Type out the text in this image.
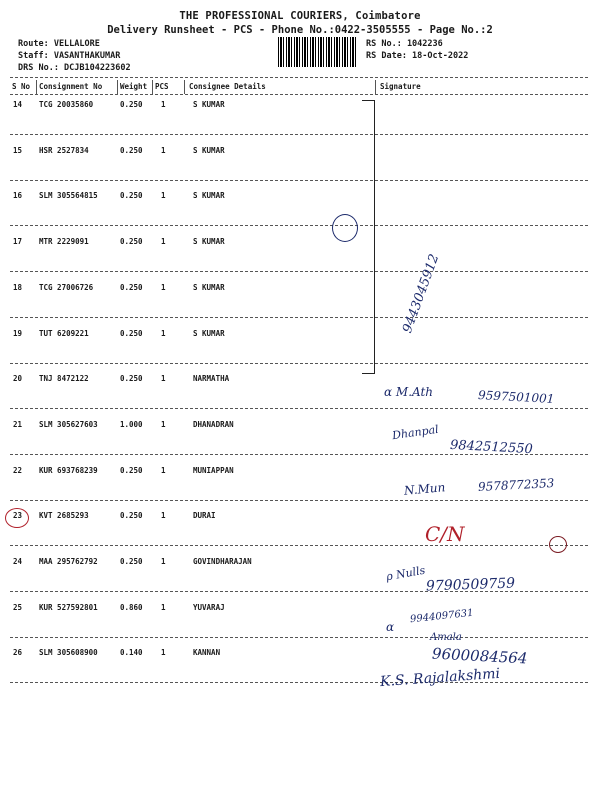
THE PROFESSIONAL COURIERS, Coimbatore
Delivery Runsheet - PCS - Phone No.:0422-3505555 - Page No.:2
Route: VELLALORE
Staff: VASANTHAKUMAR
DRS No.: DCJB104223602
RS No.: 1042236
RS Date: 18-Oct-2022
S No Consignment No Weight PCS	Consignee Details	Signature
14 TCG 20035860	0.250 1	S KUMAR
15 HSR 2527834	0.250 1	S KUMAR
16 SLM 305564815	0.250 1	S KUMAR
17 MTR 2229091	0.250 1	S KUMAR
18 TCG 27006726	0.250 1	S KUMAR
19 TUT 6209221	0.250 1	S KUMAR
20 TNJ 8472122	0.250 1	NARMATHA
21 SLM 305627603	1.000 1	DHANADRAN
22 KUR 693768239	0.250 1	MUNIAPPAN
23 KVT 2685293	0.250 1	DURAI
24 MAA 295762792	0.250 1	GOVINDHARAJAN
25 KUR 527592801	0.860 1	YUVARAJ
26 SLM 305608900	0.140 1	KANNAN
9443045912
α M.Ath	9597501001
Dhanpal
9842512550
N.Mun	9578772353
C/N
ρ Nulls
9790509759
α
9944097631
Amala
9600084564
K.S. Rajalakshmi
